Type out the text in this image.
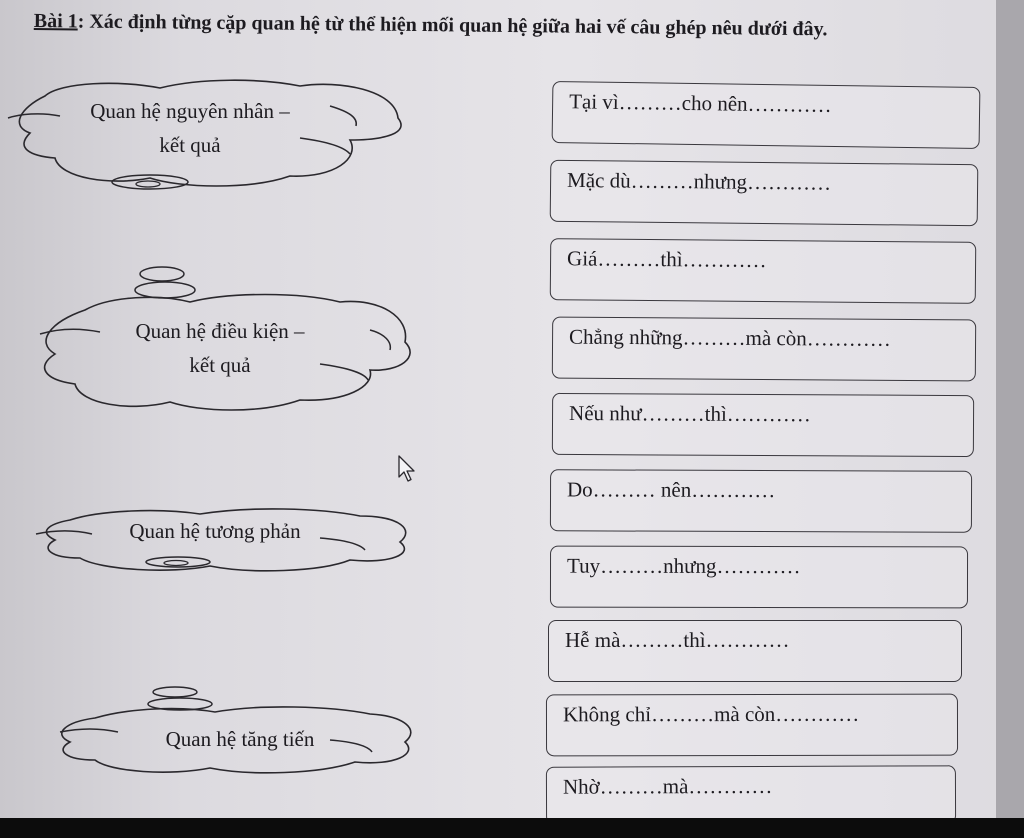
Bài 1: Xác định từng cặp quan hệ từ thể hiện mối quan hệ giữa hai vế câu ghép nêu dưới đây.
Quan hệ nguyên nhân –
kết quả
Quan hệ điều kiện –
kết quả
Quan hệ tương phản
Quan hệ tăng tiến
Tại vì………cho nên…………
Mặc dù………nhưng…………
Giá………thì…………
Chẳng những………mà còn…………
Nếu như………thì…………
Do……… nên…………
Tuy………nhưng…………
Hễ mà………thì…………
Không chỉ………mà còn…………
Nhờ………mà…………
